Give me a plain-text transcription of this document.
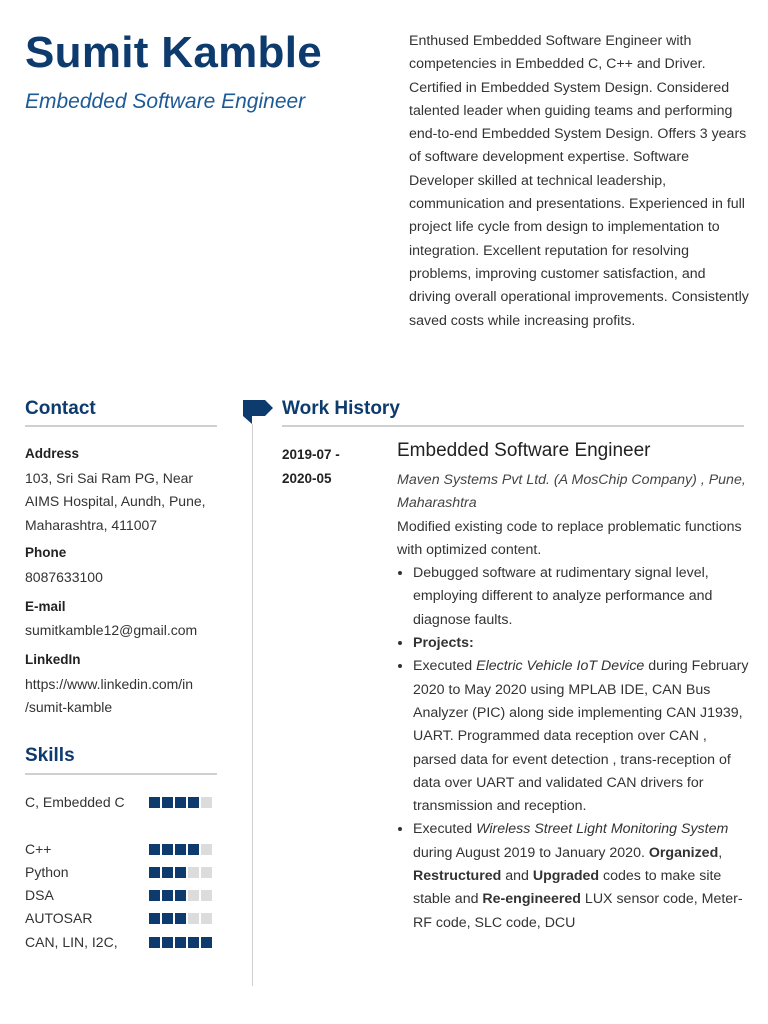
Sumit Kamble
Embedded Software Engineer
Enthused Embedded Software Engineer with competencies in Embedded C, C++ and Driver. Certified in Embedded System Design. Considered talented leader when guiding teams and performing end-to-end Embedded System Design. Offers 3 years of software development expertise. Software Developer skilled at technical leadership, communication and presentations. Experienced in full project life cycle from design to implementation to integration. Excellent reputation for resolving problems, improving customer satisfaction, and driving overall operational improvements. Consistently saved costs while increasing profits.
Contact
Address
103, Sri Sai Ram PG, Near AIMS Hospital, Aundh, Pune, Maharashtra, 411007
Phone
8087633100
E-mail
sumitkamble12@gmail.com
LinkedIn
https://www.linkedin.com/in
/sumit-kamble
Skills
C, Embedded C
C++
Python
DSA
AUTOSAR
CAN, LIN, I2C,
Work History
2019-07 -
2020-05
Embedded Software Engineer

Maven Systems Pvt Ltd. (A MosChip Company) , Pune, Maharashtra

Modified existing code to replace problematic functions with optimized content.

• Debugged software at rudimentary signal level, employing different to analyze performance and diagnose faults.
• Projects:
• Executed Electric Vehicle IoT Device during February 2020 to May 2020 using MPLAB IDE, CAN Bus Analyzer (PIC) along side implementing CAN J1939, UART. Programmed data reception over CAN , parsed data for event detection , trans-reception of data over UART and validated CAN drivers for transmission and reception.
• Executed Wireless Street Light Monitoring System during August 2019 to January 2020. Organized, Restructured and Upgraded codes to make site stable and Re-engineered LUX sensor code, Meter-RF code, SLC code, DCU
